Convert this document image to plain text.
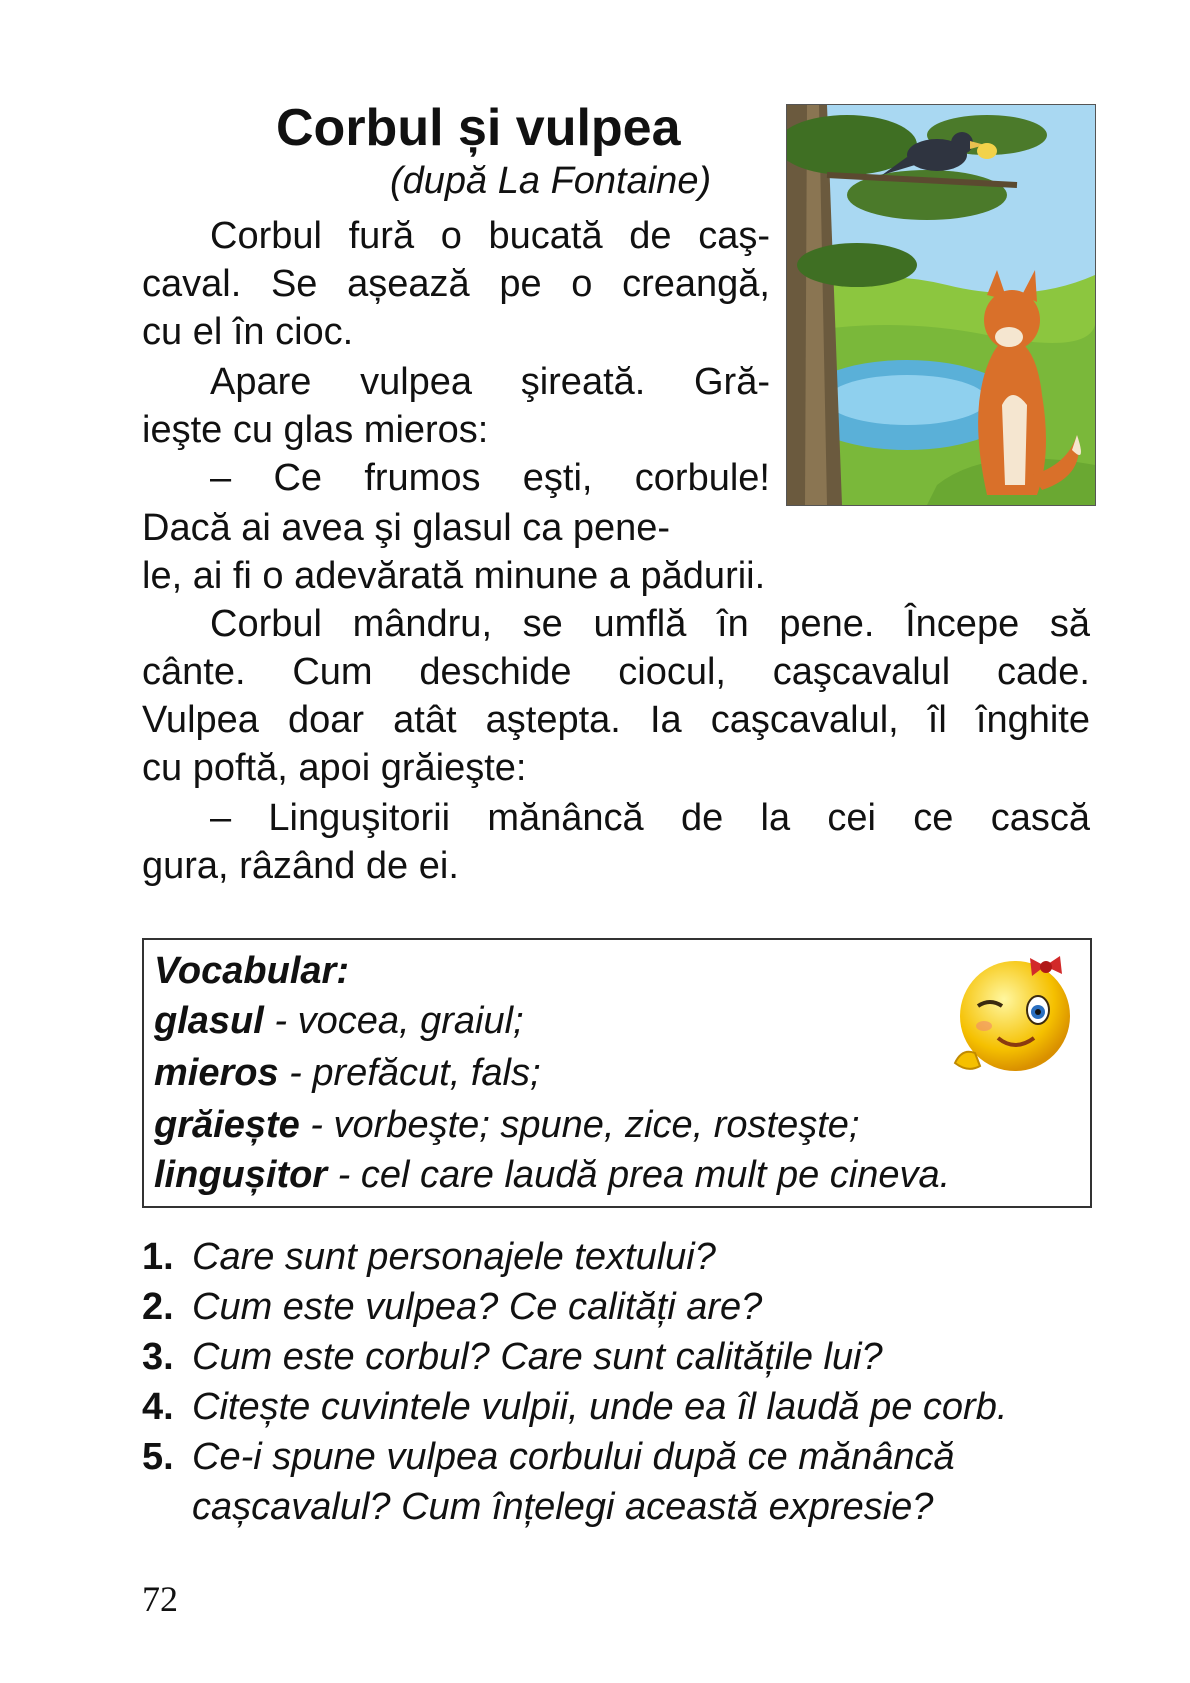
Corbul și vulpea
(după La Fontaine)
Corbul fură o bucată de caş-
caval. Se așează pe o creangă,
cu el în cioc.
Apare vulpea şireată. Gră-
ieşte cu glas mieros:
– Ce frumos eşti, corbule!
Dacă ai avea şi glasul ca pene-
le, ai fi o adevărată minune a pădurii.
Corbul mândru, se umflă în pene. Începe să
cânte. Cum deschide ciocul, caşcavalul cade.
Vulpea doar atât aştepta. Ia caşcavalul, îl înghite
cu poftă, apoi grăieşte:
– Linguşitorii mănâncă de la cei ce cască
gura, râzând de ei.
Vocabular:
glasul - vocea, graiul;
mieros - prefăcut, fals;
grăiește - vorbeşte; spune, zice, rosteşte;
lingușitor - cel care laudă prea mult pe cineva.
1. Care sunt personajele textului?
2. Cum este vulpea? Ce calități are?
3. Cum este corbul? Care sunt calitățile lui?
4. Citește cuvintele vulpii, unde ea îl laudă pe corb.
5. Ce-i spune vulpea corbului după ce mănâncă
cașcavalul? Cum înțelegi această expresie?
72
